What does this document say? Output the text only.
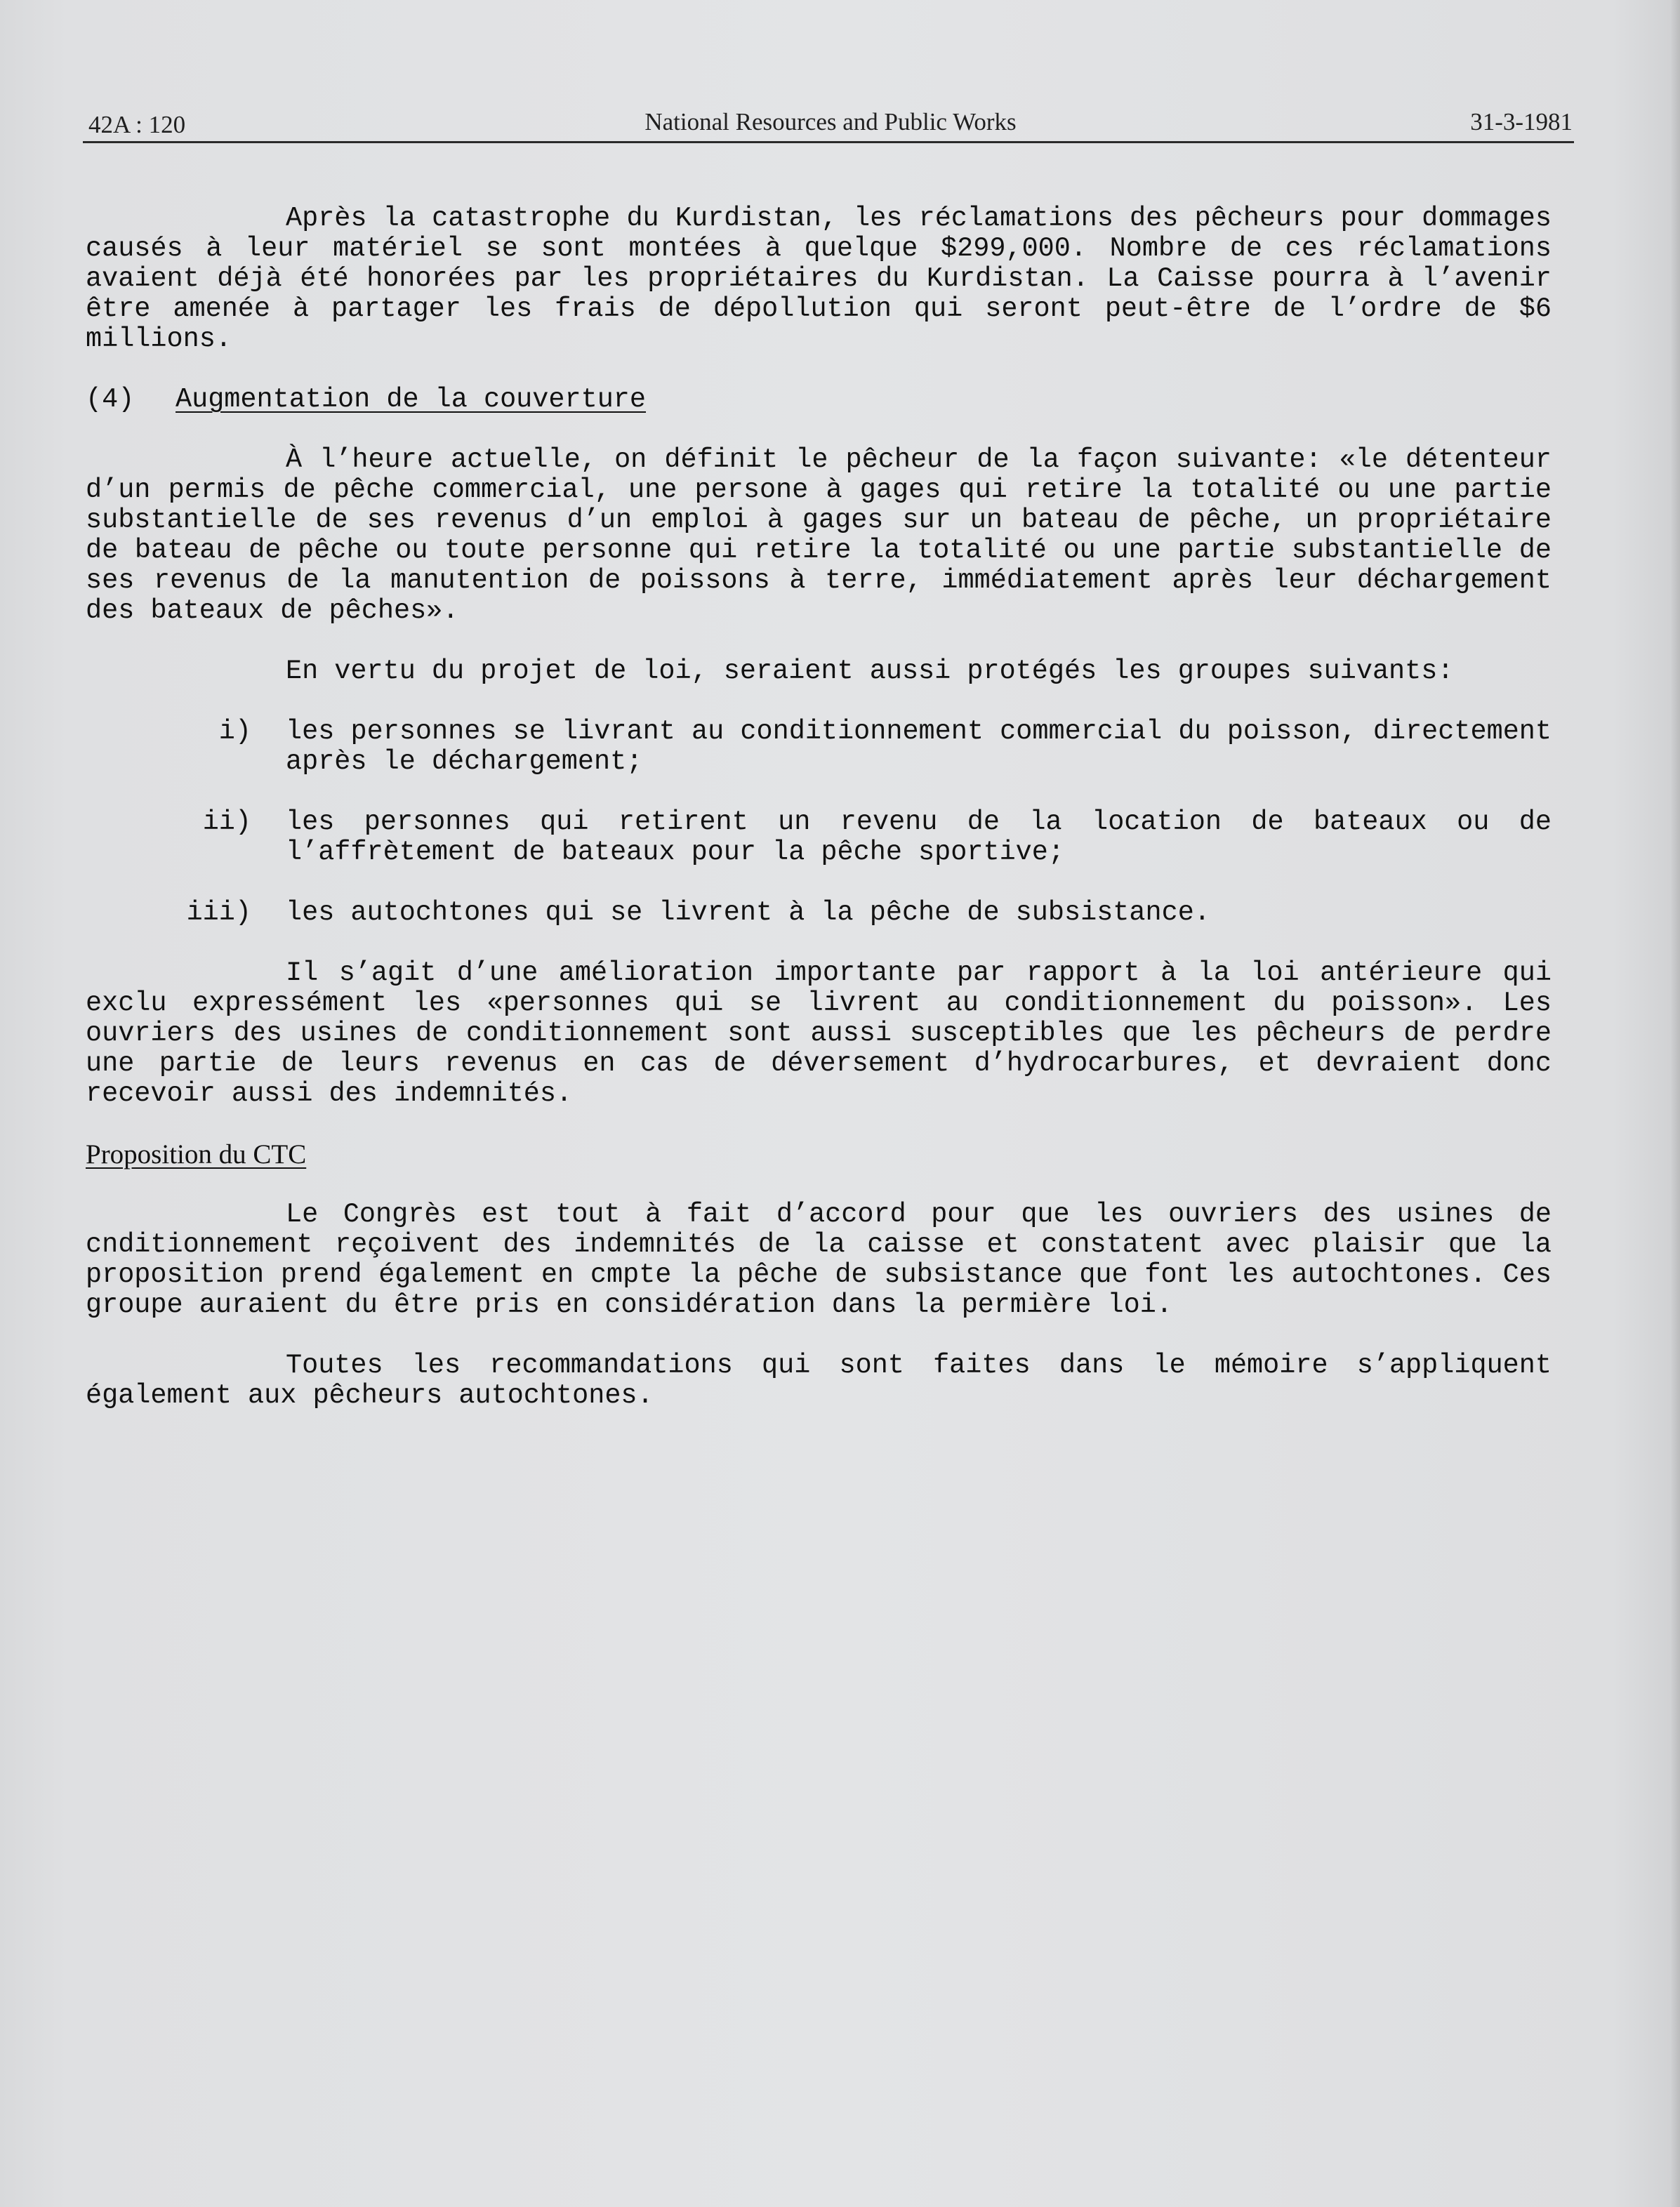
42A : 120	National Resources and Public Works	31-3-1981

Après la catastrophe du Kurdistan, les réclamations des pêcheurs pour dommages causés à leur matériel se sont montées à quelque $299,000. Nombre de ces réclamations avaient déjà été honorées par les propriétaires du Kurdistan. La Caisse pourra à l’avenir être amenée à partager les frais de dépollution qui seront peut-être de l’ordre de $6 millions.

(4) Augmentation de la couverture

À l’heure actuelle, on définit le pêcheur de la façon suivante: «le détenteur d’un permis de pêche commercial, une persone à gages qui retire la totalité ou une partie substantielle de ses revenus d’un emploi à gages sur un bateau de pêche, un propriétaire de bateau de pêche ou toute personne qui retire la totalité ou une partie substantielle de ses revenus de la manutention de poissons à terre, immédiatement après leur déchargement des bateaux de pêches».

En vertu du projet de loi, seraient aussi protégés les groupes suivants:

i) les personnes se livrant au conditionnement commercial du poisson, directement après le déchargement;

ii) les personnes qui retirent un revenu de la location de bateaux ou de l’affrètement de bateaux pour la pêche sportive;

iii) les autochtones qui se livrent à la pêche de subsistance.

Il s’agit d’une amélioration importante par rapport à la loi antérieure qui exclu expressément les «personnes qui se livrent au conditionnement du poisson». Les ouvriers des usines de conditionnement sont aussi susceptibles que les pêcheurs de perdre une partie de leurs revenus en cas de déversement d’hydrocarbures, et devraient donc recevoir aussi des indemnités.

Proposition du CTC

Le Congrès est tout à fait d’accord pour que les ouvriers des usines de cnditionnement reçoivent des indemnités de la caisse et constatent avec plaisir que la proposition prend également en cmpte la pêche de subsistance que font les autochtones. Ces groupe auraient du être pris en considération dans la permière loi.

Toutes les recommandations qui sont faites dans le mémoire s’appliquent également aux pêcheurs autochtones.
